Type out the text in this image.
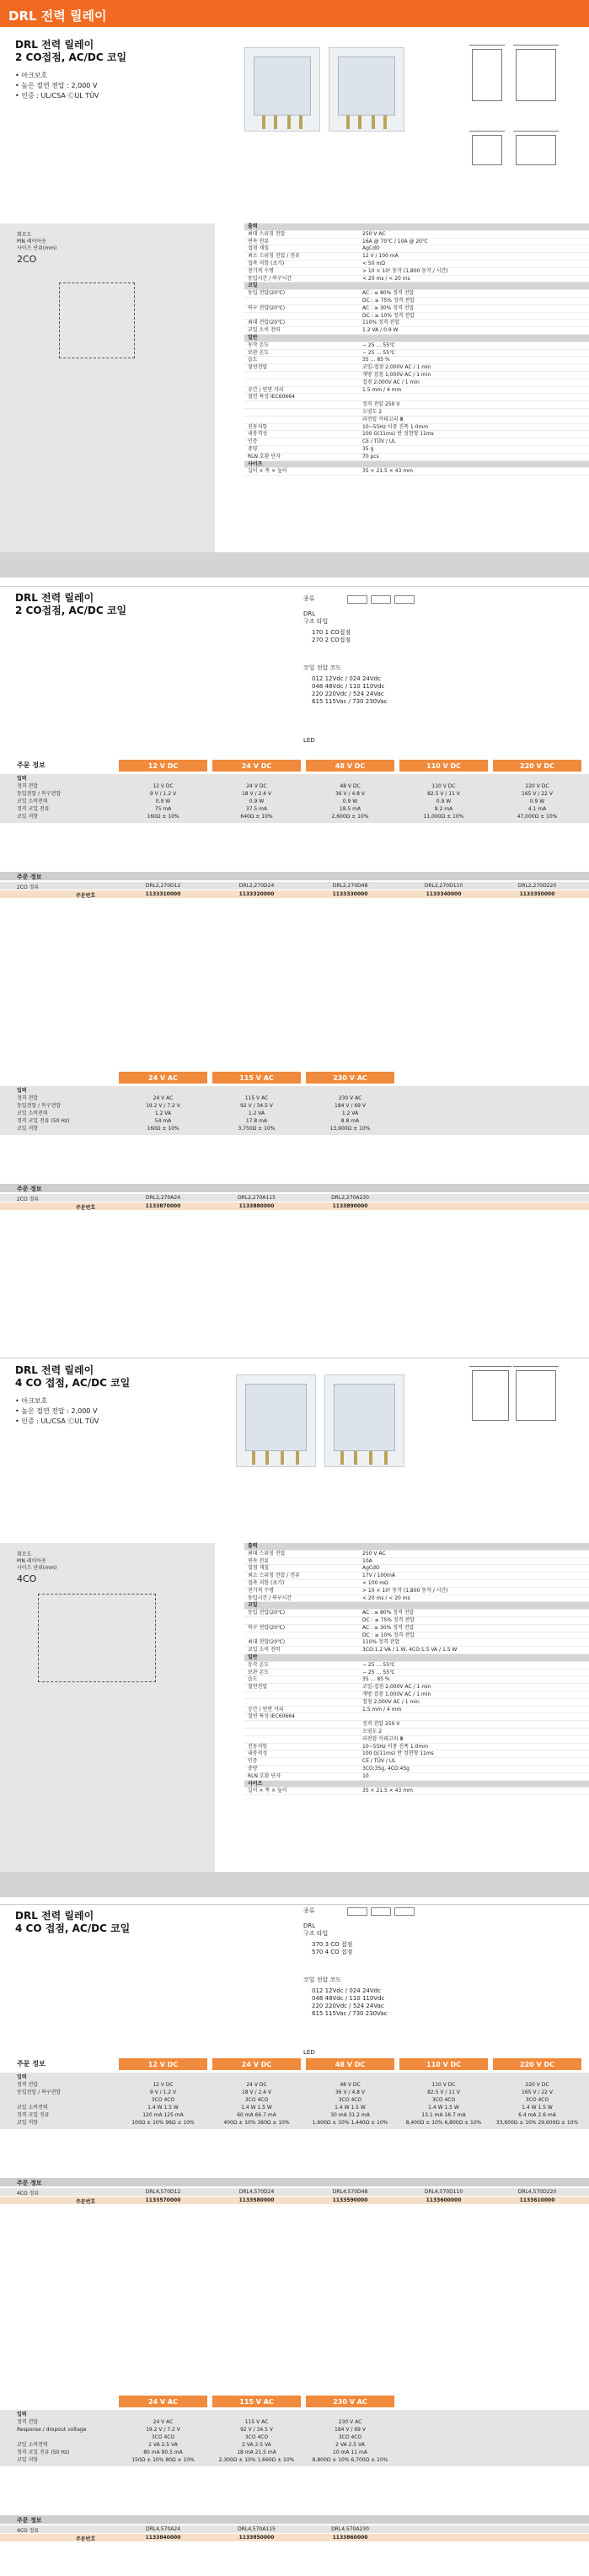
DRL 전력 릴레이
DRL 전력 릴레이
2 CO접점, AC/DC 코일
• 아크보호
• 높은 절연 전압 : 2,000 V
• 인증 : UL/CSA ⒸUL TÜV
회로도
PIN 레이아웃
사이즈 단위(mm)
2CO
출력
최대 스위칭 전압	250 V AC
연속 전류	16A @ 70℃ / 10A @ 20℃
접점 재질	AgCdO
최소 스위칭 전압 / 전류	12 V / 100 mA
접촉 저항 (초기)	< 50 mΩ
전기적 수명	> 10 × 10⁵ 동작 (1,800 동작 / 시간)
동입시간 / 복구시간	< 20 ms / < 20 ms
코일
동입 전압(20℃)	AC : ≤ 80% 정격 전압
DC : ≤ 75% 정격 전압
복구 전압(20℃)	AC : ≥ 30% 정격 전압
DC : ≥ 10% 정격 전압
최대 전압(20℃)	110% 정격 전압
코일 소비 전력	1.2 VA / 0.9 W
일반
동작 온도	− 25 … 55℃
보관 온도	− 25 … 55℃
습도	35 … 85 %
절연전압	코일-접점 2,000V AC / 1 min
개방 접점 1,000V AC / 1 min
접점 2,000V AC / 1 min
공간 / 연면 거리	1.5 mm / 4 mm
절연 특성 IEC60664
정격 전압 250 V
오염도 2
과전압 카테고리 Ⅲ
진동저항	10~55Hz 이중 진폭 1.0mm
내충격성	100 G(11ms) 반 정현형 11ms
인증	CE / TÜV / UL
중량	35 g
RLN 호환 단자	70 pcs
사이즈
길이 × 폭 × 높이	35 × 21.5 × 43 mm
DRL 전력 릴레이
2 CO접점, AC/DC 코일
종류
DRL
구조 타입
170 1 CO접점
270 2 CO접점
코일 전압 코드
012 12Vdc / 024 24Vdc
048 48Vdc / 110 110Vdc
220 220Vdc / 524 24Vac
615 115Vac / 730 230Vac
LED
주문 정보	12 V DC	24 V DC	48 V DC	110 V DC	220 V DC
입력
정격 전압	12 V DC	24 V DC	48 V DC	110 V DC	220 V DC
동입전압 / 복구전압	9 V / 1.2 V	18 V / 2.4 V	36 V / 4.8 V	82.5 V / 11 V	165 V / 22 V
코일 소비전력	0.9 W	0.9 W	0.9 W	0.9 W	0.9 W
정격 코일 전류	75 mA	37.5 mA	18.5 mA	8.2 mA	4.1 mA
코일 저항	160Ω ± 10%	640Ω ± 10%	2,600Ω ± 10%	11,000Ω ± 10%	47,000Ω ± 10%
주문 정보
2CO 정류	DRL2,270D12	DRL2,270D24	DRL2,270D48	DRL2,270D110	DRL2,270D220
주문번호	1133310000	1133320000	1133330000	1133340000	1133350000
24 V AC	115 V AC	230 V AC
입력
정격 전압	24 V AC	115 V AC	230 V AC
동입전압 / 복구전압	19.2 V / 7.2 V	92 V / 34.5 V	184 V / 69 V
코일 소비전력	1.2 VA	1.2 VA	1.2 VA
정격 코일 전류 (50 Hz)	54 mA	17.8 mA	8.8 mA
코일 저항	160Ω ± 10%	3,750Ω ± 10%	13,900Ω ± 10%
주문 정보
2CO 정류	DRL2,270A24	DRL2,270A115	DRL2,270A230
주문번호	1133870000	1133880000	1133890000
DRL 전력 릴레이
4 CO 접점, AC/DC 코일
• 아크보호
• 높은 절연 전압 : 2,000 V
• 인증 : UL/CSA ⒸUL TÜV
회로도
PIN 레이아웃
사이즈 단위(mm)
4CO
출력
최대 스위칭 전압	250 V AC
연속 전류	10A
접점 재질	AgCdO
최소 스위칭 전압 / 전류	17V / 100mA
접촉 저항 (초기)	< 100 mΩ
전기적 수명	> 10 × 10⁵ 동작 (1,800 동작 / 시간)
동입시간 / 복구시간	< 20 ms / < 20 ms
코일
동입 전압(20℃)	AC : ≤ 80% 정격 전압
DC : ≤ 75% 정격 전압
복구 전압(20℃)	AC : ≥ 30% 정격 전압
DC : ≥ 10% 정격 전압
최대 전압(20℃)	110% 정격 전압
코일 소비 전력	3CO:1.2 VA / 1 W, 4CO:1.5 VA / 1.5 W
일반
동작 온도	− 25 … 55℃
보관 온도	− 25 … 55℃
습도	35 … 85 %
절연전압	코일-접점 2,000V AC / 1 min
개방 접점 1,000V AC / 1 min
접점 2,000V AC / 1 min
공간 / 연면 거리	1.5 mm / 4 mm
절연 특성 IEC60664
정격 전압 250 V
오염도 2
과전압 카테고리 Ⅲ
진동저항	10~55Hz 이중 진폭 1.0mm
내충격성	100 G(11ms) 반 정현형 11ms
인증	CE / TÜV / UL
중량	3CO:35g, 4CO:45g
RLN 호환 단자	10
사이즈
길이 × 폭 × 높이	35 × 21.5 × 43 mm
DRL 전력 릴레이
4 CO 접점, AC/DC 코일
종류
DRL
구조 타입
370 3 CO 접점
570 4 CO 접점
코일 전압 코드
012 12Vdc / 024 24Vdc
048 48Vdc / 110 110Vdc
220 220Vdc / 524 24Vac
615 115Vac / 730 230Vac
LED
주문 정보	12 V DC	24 V DC	48 V DC	110 V DC	220 V DC
입력
정격 전압	12 V DC	24 V DC	48 V DC	110 V DC	220 V DC
동입전압 / 복구전압	9 V / 1.2 V	18 V / 2.4 V	36 V / 4.8 V	82.5 V / 11 V	165 V / 22 V
3CO 4CO	3CO 4CO	3CO 4CO	3CO 4CO	3CO 4CO
코일 소비전력	1.4 W 1.5 W	1.4 W 1.5 W	1.4 W 1.5 W	1.4 W 1.5 W	1.4 W 1.5 W
정격 코일 전류	120 mA 125 mA	60 mA 66.7 mA	30 mA 31.2 mA	13.1 mA 16.7 mA	6.4 mA 2.6 mA
코일 저항	100Ω ± 10% 96Ω ± 10%	400Ω ± 10% 360Ω ± 10%	1,600Ω ± 10% 1,440Ω ± 10%	8,400Ω ± 10% 6,800Ω ± 10%	33,600Ω ± 10% 29,600Ω ± 10%
주문 정보
4CO 정류	DRL4,570D12	DRL4,570D24	DRL4,570D48	DRL4,570D110	DRL4,570D220
주문번호	1133570000	1133580000	1133590000	1133600000	1133610000
24 V AC	115 V AC	230 V AC
입력
정격 전압	24 V AC	115 V AC	230 V AC
Response / dropout voltage	19.2 V / 7.2 V	92 V / 34.5 V	184 V / 69 V
3CO 4CO	3CO 4CO	3CO 4CO
코일 소비전력	2 VA 2.5 VA	2 VA 2.5 VA	2 VA 2.5 VA
정격 코일 전류 (50 Hz)	80 mA 90.5 mA	18 mA 21.5 mA	10 mA 11 mA
코일 저항	150Ω ± 10% 80Ω ± 10%	2,300Ω ± 10% 1,660Ω ± 10%	8,800Ω ± 10% 6,700Ω ± 10%
주문 정보
4CO 정류	DRL4,570A24	DRL4,570A115	DRL4,570A230
주문번호	1133840000	1133850000	1133860000
